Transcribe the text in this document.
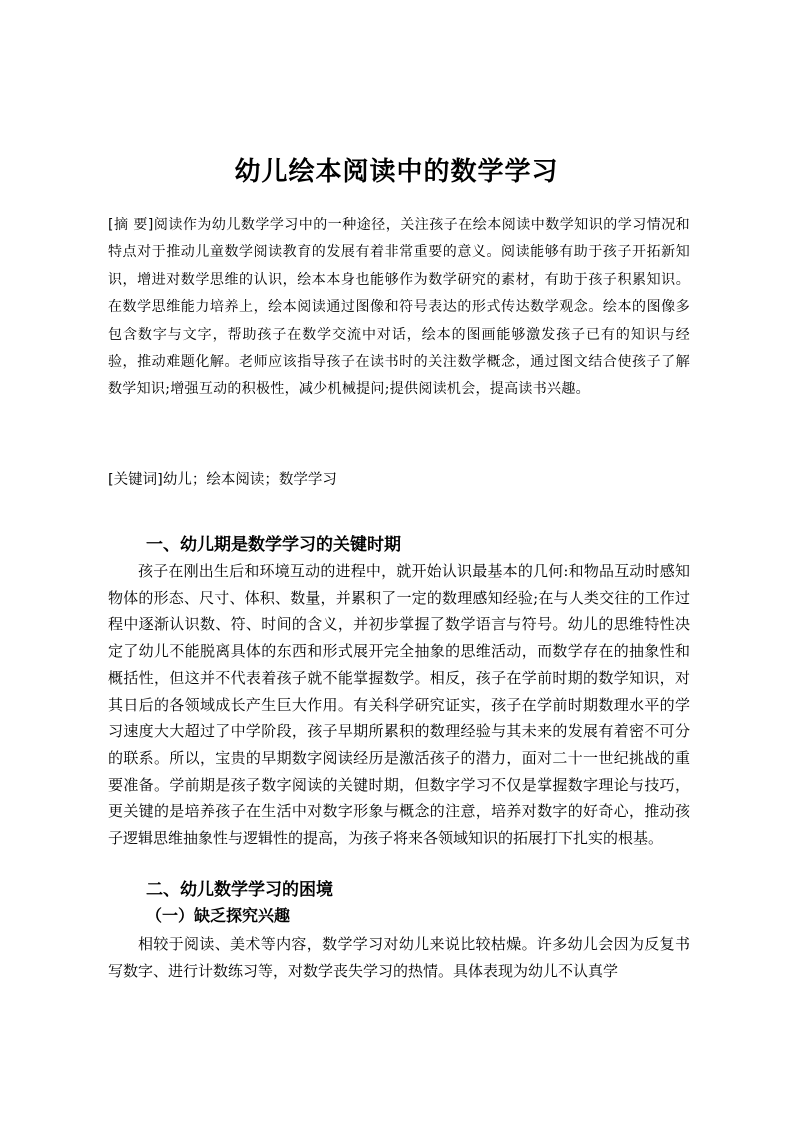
幼儿绘本阅读中的数学学习
[摘 要]阅读作为幼儿数学学习中的一种途径，关注孩子在绘本阅读中数学知识的学习情况和特点对于推动儿童数学阅读教育的发展有着非常重要的意义。阅读能够有助于孩子开拓新知识，增进对数学思维的认识，绘本本身也能够作为数学研究的素材，有助于孩子积累知识。在数学思维能力培养上，绘本阅读通过图像和符号表达的形式传达数学观念。绘本的图像多包含数字与文字，帮助孩子在数学交流中对话，绘本的图画能够激发孩子已有的知识与经验，推动难题化解。老师应该指导孩子在读书时的关注数学概念，通过图文结合使孩子了解数学知识;增强互动的积极性，减少机械提问;提供阅读机会，提高读书兴趣。
[关键词]幼儿；绘本阅读；数学学习
一、幼儿期是数学学习的关键时期
孩子在刚出生后和环境互动的进程中，就开始认识最基本的几何:和物品互动时感知物体的形态、尺寸、体积、数量，并累积了一定的数理感知经验;在与人类交往的工作过程中逐渐认识数、符、时间的含义，并初步掌握了数学语言与符号。幼儿的思维特性决定了幼儿不能脱离具体的东西和形式展开完全抽象的思维活动，而数学存在的抽象性和概括性，但这并不代表着孩子就不能掌握数学。相反，孩子在学前时期的数学知识，对其日后的各领域成长产生巨大作用。有关科学研究证实，孩子在学前时期数理水平的学习速度大大超过了中学阶段，孩子早期所累积的数理经验与其未来的发展有着密不可分的联系。所以，宝贵的早期数字阅读经历是激活孩子的潜力，面对二十一世纪挑战的重要准备。学前期是孩子数字阅读的关键时期，但数字学习不仅是掌握数字理论与技巧，更关键的是培养孩子在生活中对数字形象与概念的注意，培养对数字的好奇心，推动孩子逻辑思维抽象性与逻辑性的提高，为孩子将来各领域知识的拓展打下扎实的根基。
二、幼儿数学学习的困境
（一）缺乏探究兴趣
相较于阅读、美术等内容，数学学习对幼儿来说比较枯燥。许多幼儿会因为反复书写数字、进行计数练习等，对数学丧失学习的热情。具体表现为幼儿不认真学
